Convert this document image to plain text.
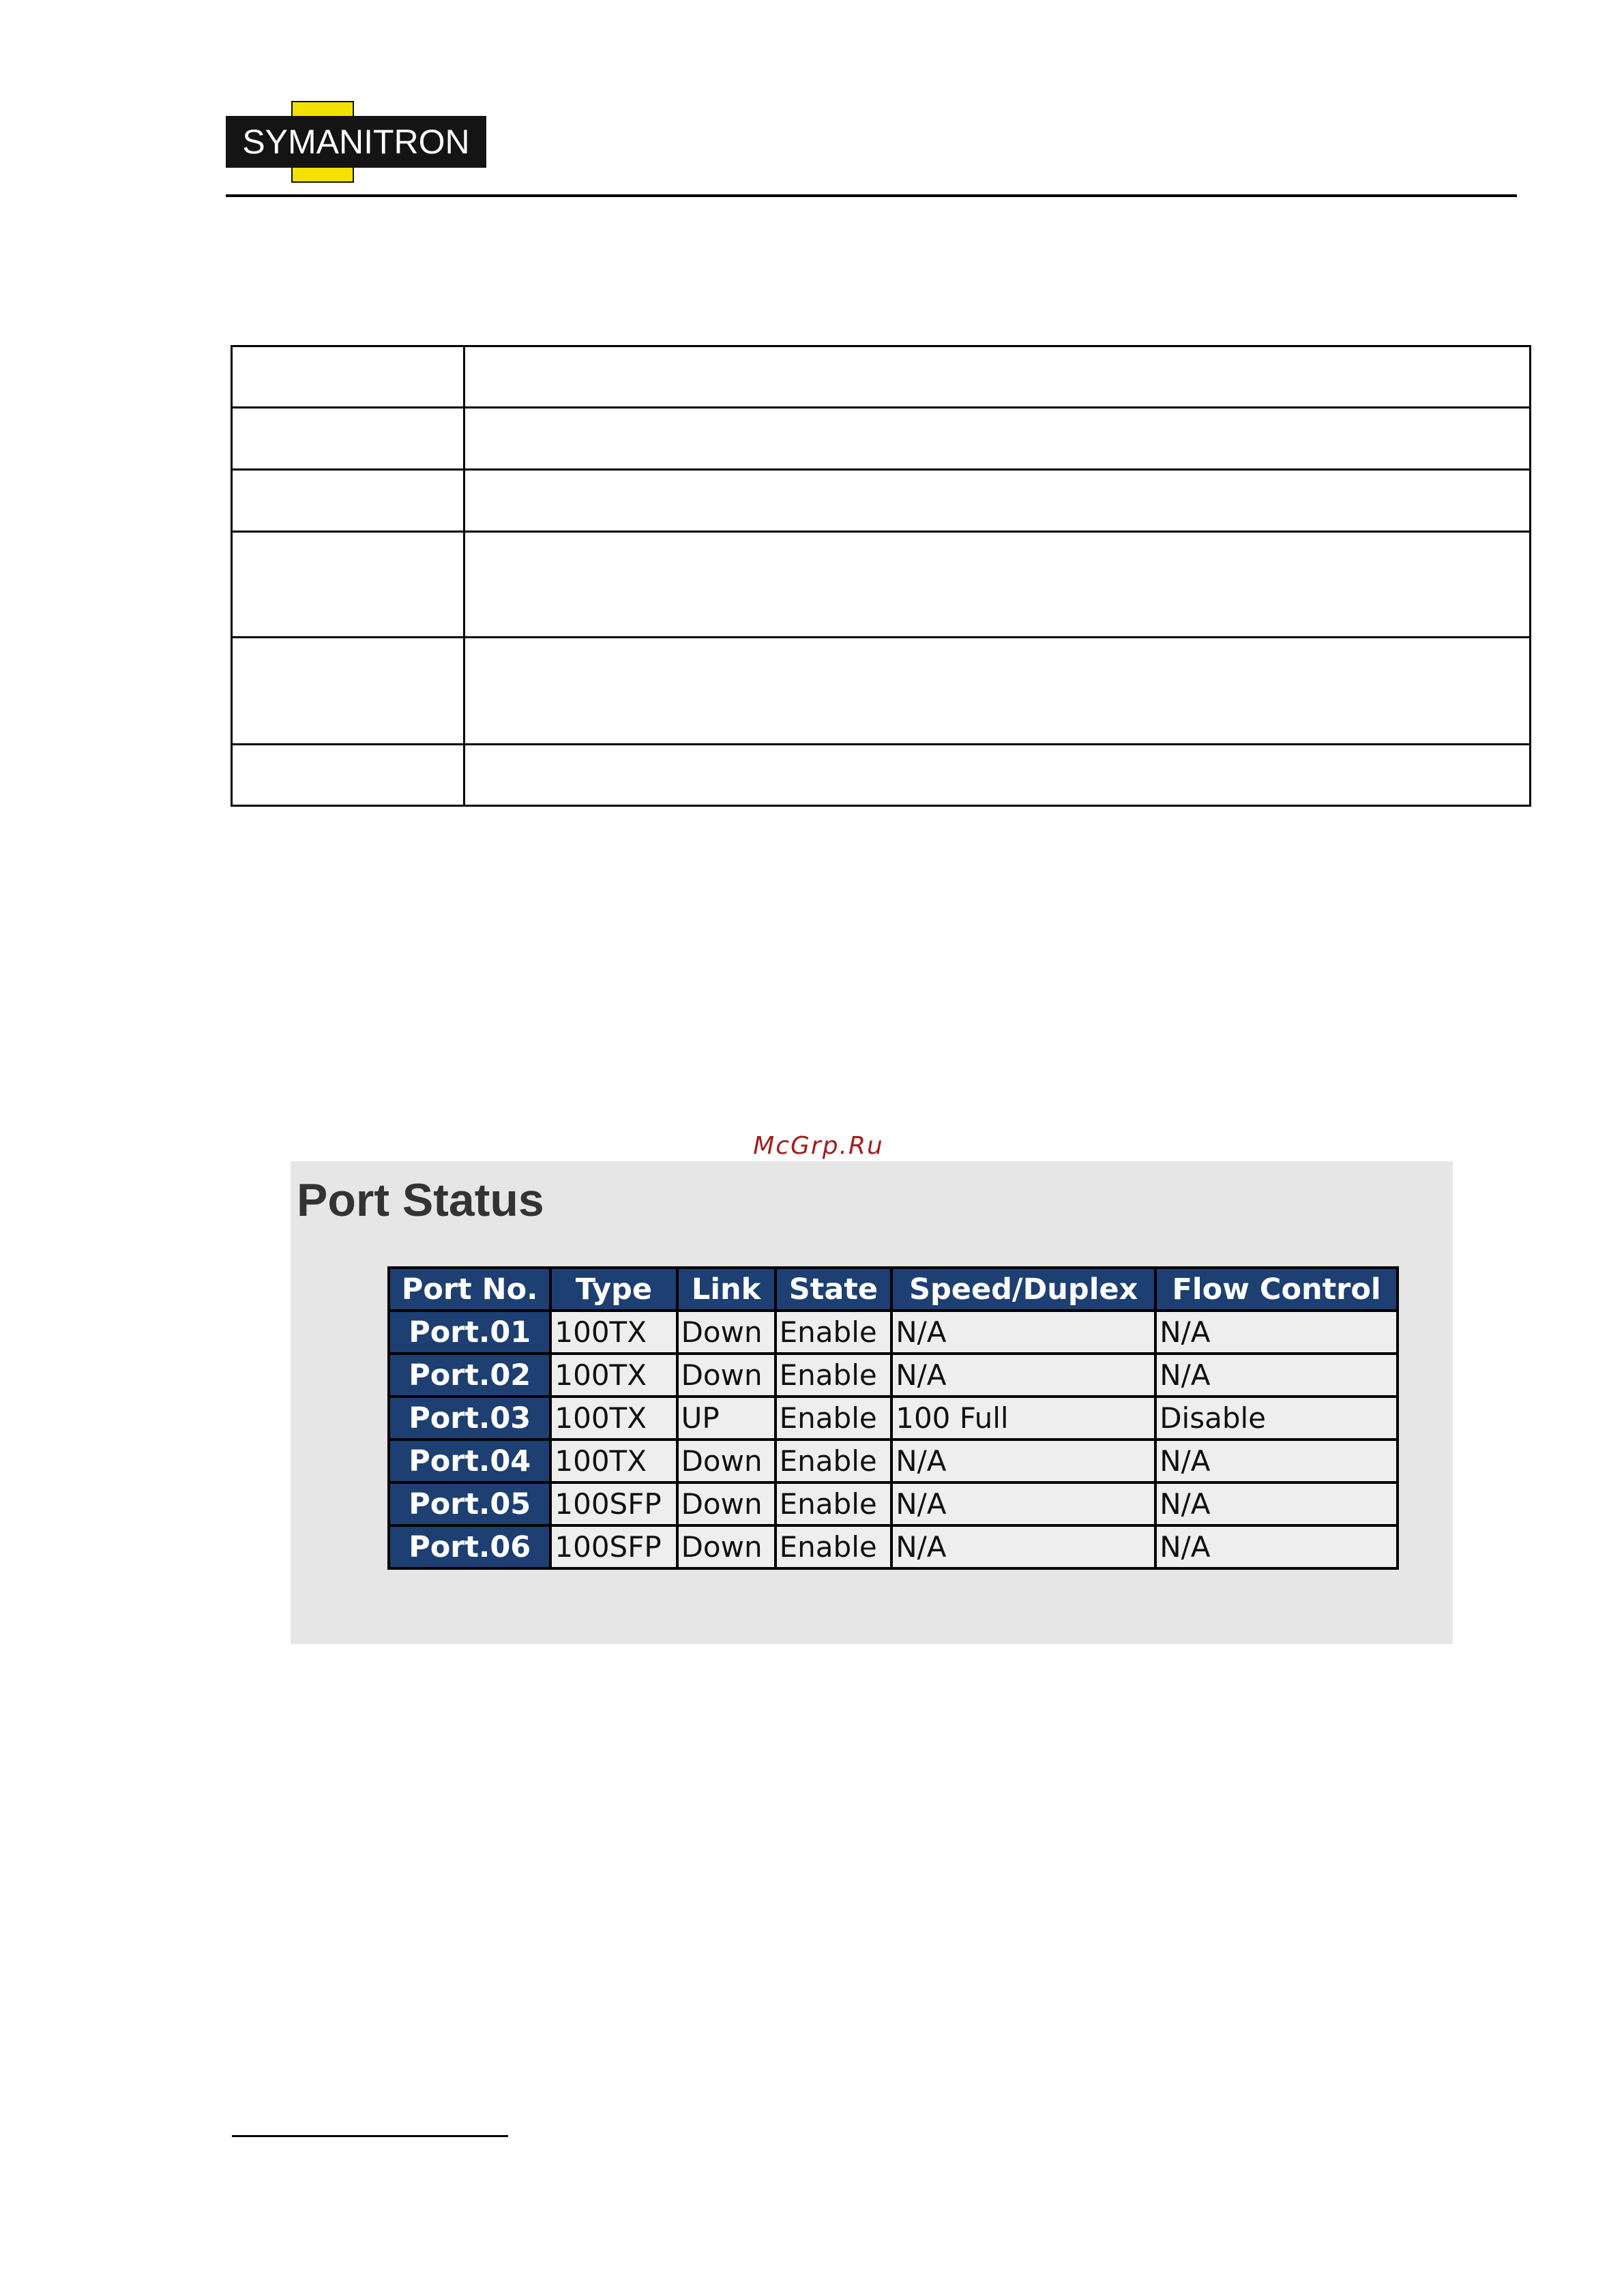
SYMANITRON

McGrp.Ru
Port Status
Port No.	Type	Link	State	Speed/Duplex	Flow Control
Port.01	100TX	Down	Enable	N/A	N/A
Port.02	100TX	Down	Enable	N/A	N/A
Port.03	100TX	UP	Enable	100 Full	Disable
Port.04	100TX	Down	Enable	N/A	N/A
Port.05	100SFP	Down	Enable	N/A	N/A
Port.06	100SFP	Down	Enable	N/A	N/A
